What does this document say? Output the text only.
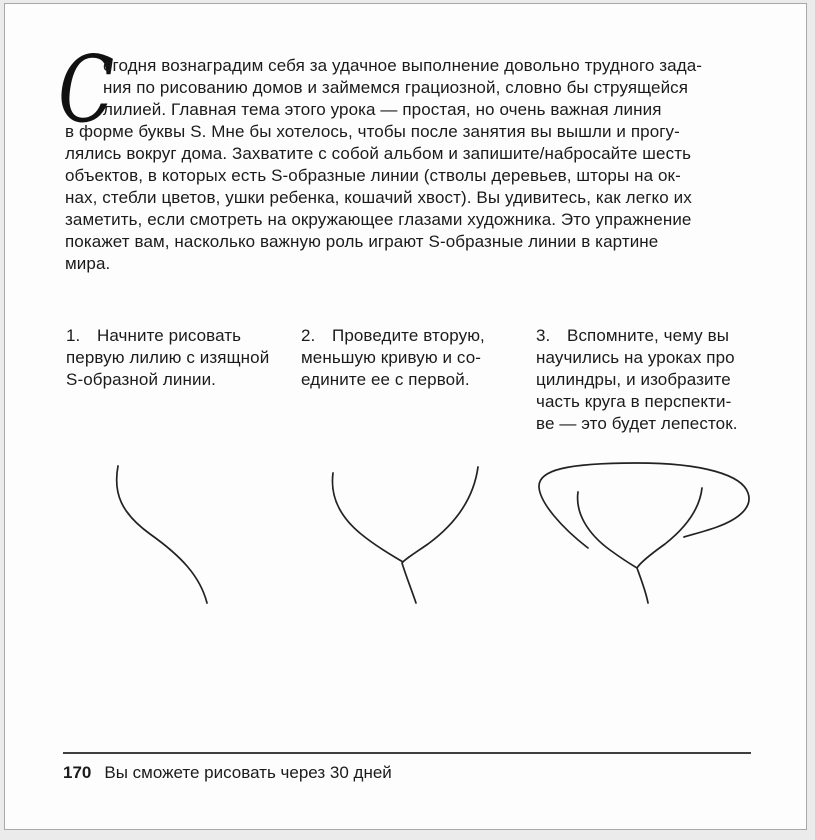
С
егодня вознаградим себя за удачное выполнение довольно трудного зада-
ния по рисованию домов и займемся грациозной, словно бы струящейся
лилией. Главная тема этого урока — простая, но очень важная линия
в форме буквы S. Мне бы хотелось, чтобы после занятия вы вышли и прогу-
лялись вокруг дома. Захватите с собой альбом и запишите/набросайте шесть
объектов, в которых есть S-образные линии (стволы деревьев, шторы на ок-
нах, стебли цветов, ушки ребенка, кошачий хвост). Вы удивитесь, как легко их
заметить, если смотреть на окружающее глазами художника. Это упражнение
покажет вам, насколько важную роль играют S-образные линии в картине
мира.
1. Начните рисовать
первую лилию с изящной
S-образной линии.
2. Проведите вторую,
меньшую кривую и со-
едините ее с первой.
3. Вспомните, чему вы
научились на уроках про
цилиндры, и изобразите
часть круга в перспекти-
ве — это будет лепесток.
170 Вы сможете рисовать через 30 дней
